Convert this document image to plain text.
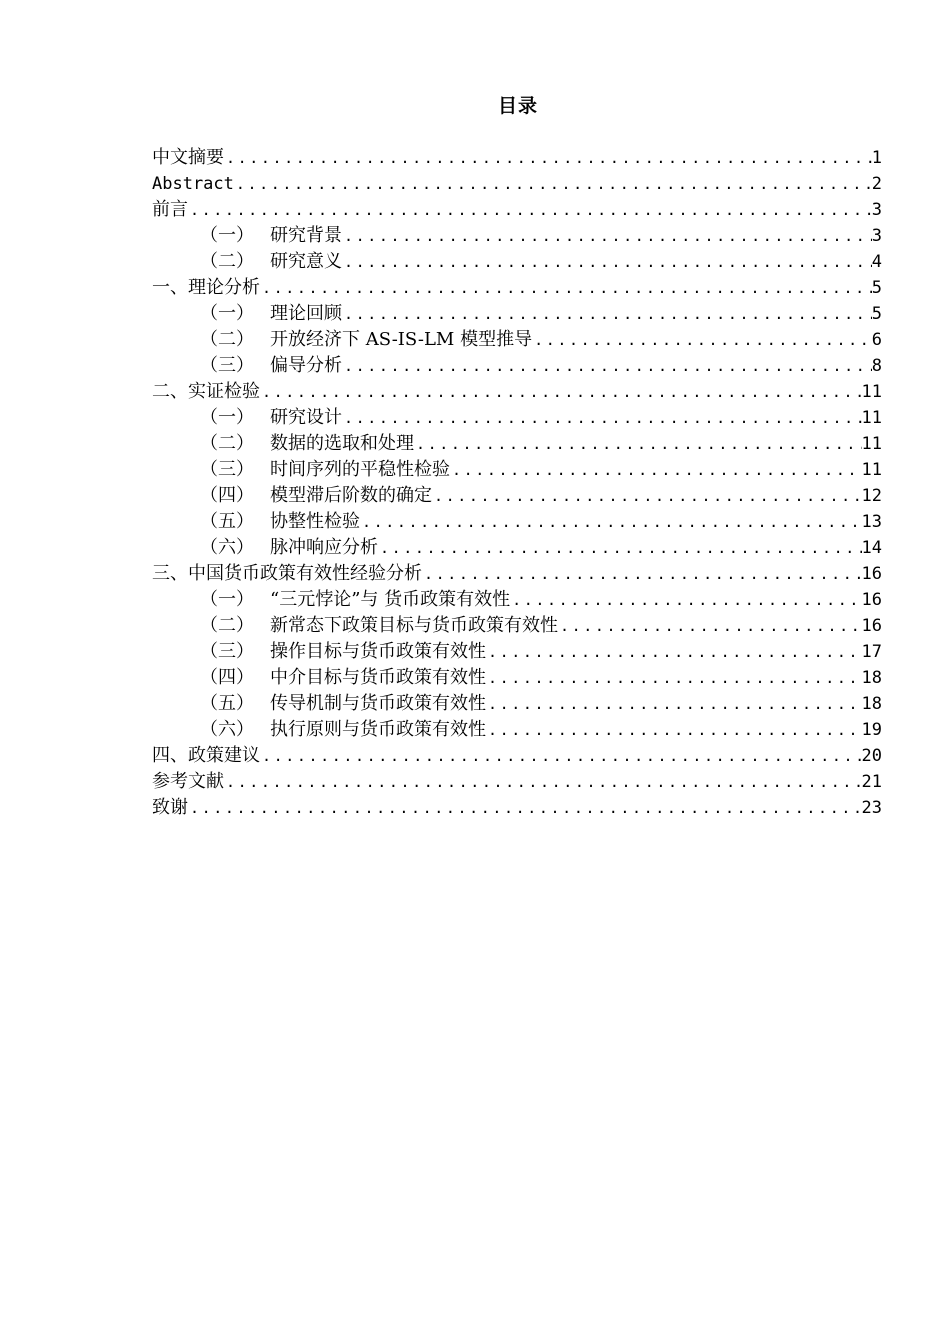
目录
中文摘要 .....	1
Abstract .....	2
前言 .....	3
（一） 研究背景 .....	3
（二） 研究意义 .....	4
一、理论分析 .....	5
（一） 理论回顾 .....	5
（二） 开放经济下 AS-IS-LM 模型推导 .....	6
（三） 偏导分析 .....	8
二、实证检验 .....	11
（一） 研究设计 .....	11
（二） 数据的选取和处理 .....	11
（三） 时间序列的平稳性检验 .....	11
（四） 模型滞后阶数的确定 .....	12
（五） 协整性检验 .....	13
（六） 脉冲响应分析 .....	14
三、中国货币政策有效性经验分析 .....	16
（一） “三元悖论”与 货币政策有效性 .....	16
（二） 新常态下政策目标与货币政策有效性 .....	16
（三） 操作目标与货币政策有效性 .....	17
（四） 中介目标与货币政策有效性 .....	18
（五） 传导机制与货币政策有效性 .....	18
（六） 执行原则与货币政策有效性 .....	19
四、政策建议 .....	20
参考文献 .....	21
致谢 .....	23
